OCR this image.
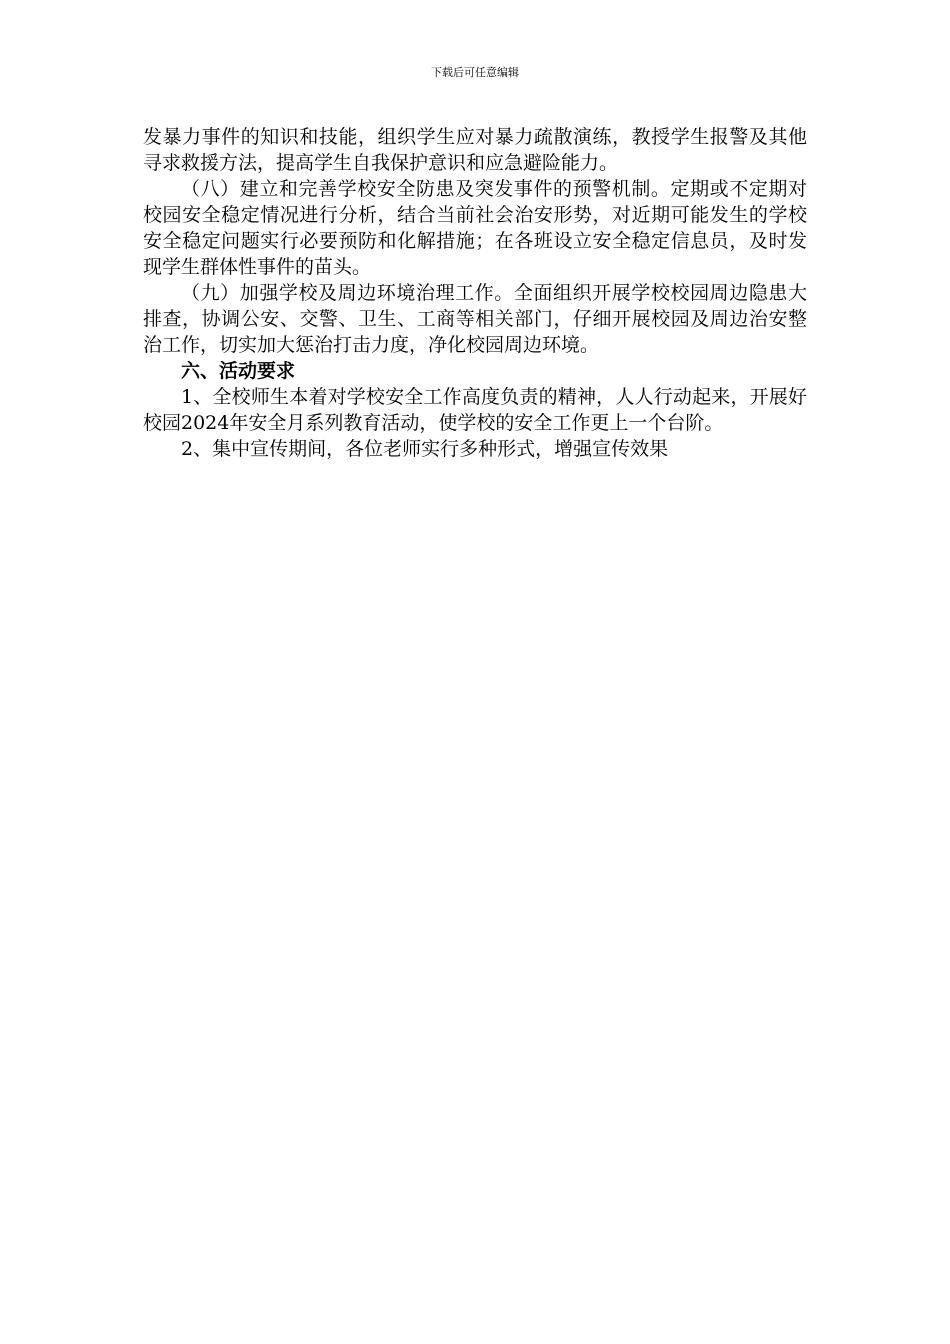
下载后可任意编辑

发暴力事件的知识和技能，组织学生应对暴力疏散演练，教授学生报警及其他寻求救援方法，提高学生自我保护意识和应急避险能力。

（八）建立和完善学校安全防患及突发事件的预警机制。定期或不定期对校园安全稳定情况进行分析，结合当前社会治安形势，对近期可能发生的学校安全稳定问题实行必要预防和化解措施；在各班设立安全稳定信息员，及时发现学生群体性事件的苗头。

（九）加强学校及周边环境治理工作。全面组织开展学校校园周边隐患大排查，协调公安、交警、卫生、工商等相关部门，仔细开展校园及周边治安整治工作，切实加大惩治打击力度，净化校园周边环境。

六、活动要求

1、全校师生本着对学校安全工作高度负责的精神，人人行动起来，开展好校园2024年安全月系列教育活动，使学校的安全工作更上一个台阶。

2、集中宣传期间，各位老师实行多种形式，增强宣传效果
